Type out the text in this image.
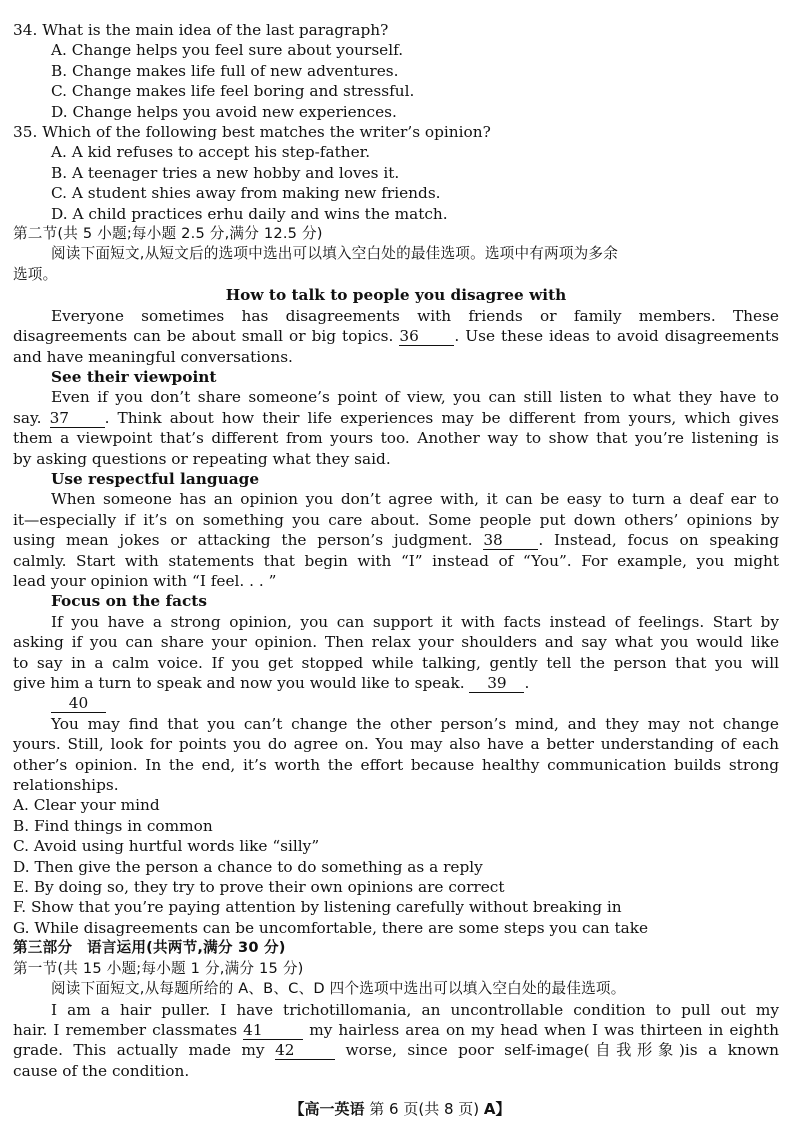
34. What is the main idea of the last paragraph?
A. Change helps you feel sure about yourself.
B. Change makes life full of new adventures.
C. Change makes life feel boring and stressful.
D. Change helps you avoid new experiences.
35. Which of the following best matches the writer’s opinion?
A. A kid refuses to accept his step-father.
B. A teenager tries a new hobby and loves it.
C. A student shies away from making new friends.
D. A child practices erhu daily and wins the match.
第二节(共 5 小题;每小题 2.5 分,满分 12.5 分)
阅读下面短文,从短文后的选项中选出可以填入空白处的最佳选项。选项中有两项为多余
选项。
How to talk to people you disagree with
Everyone sometimes has disagreements with friends or family members. These
disagreements can be about small or big topics. 36 . Use these ideas to avoid disagreements
and have meaningful conversations.
See their viewpoint
Even if you don’t share someone’s point of view, you can still listen to what they have to
say. 37 . Think about how their life experiences may be different from yours, which gives
them a viewpoint that’s different from yours too. Another way to show that you’re listening is
by asking questions or repeating what they said.
Use respectful language
When someone has an opinion you don’t agree with, it can be easy to turn a deaf ear to
it—especially if it’s on something you care about. Some people put down others’ opinions by
using mean jokes or attacking the person’s judgment. 38 . Instead, focus on speaking
calmly. Start with statements that begin with “I” instead of “You”. For example, you might
lead your opinion with “I feel. . . ”
Focus on the facts
If you have a strong opinion, you can support it with facts instead of feelings. Start by
asking if you can share your opinion. Then relax your shoulders and say what you would like
to say in a calm voice. If you get stopped while talking, gently tell the person that you will
give him a turn to speak and now you would like to speak. 39 .
40
You may find that you can’t change the other person’s mind, and they may not change
yours. Still, look for points you do agree on. You may also have a better understanding of each
other’s opinion. In the end, it’s worth the effort because healthy communication builds strong
relationships.
A. Clear your mind
B. Find things in common
C. Avoid using hurtful words like “silly”
D. Then give the person a chance to do something as a reply
E. By doing so, they try to prove their own opinions are correct
F. Show that you’re paying attention by listening carefully without breaking in
G. While disagreements can be uncomfortable, there are some steps you can take
第三部分　语言运用(共两节,满分 30 分)
第一节(共 15 小题;每小题 1 分,满分 15 分)
阅读下面短文,从每题所给的 A、B、C、D 四个选项中选出可以填入空白处的最佳选项。
I am a hair puller. I have trichotillomania, an uncontrollable condition to pull out my
hair. I remember classmates 41	my hairless area on my head when I was thirteen in eighth
grade. This actually made my 42	worse, since poor self-image(自我形象)is a known
cause of the condition.
【高一英语 第 6 页(共 8 页) A】
